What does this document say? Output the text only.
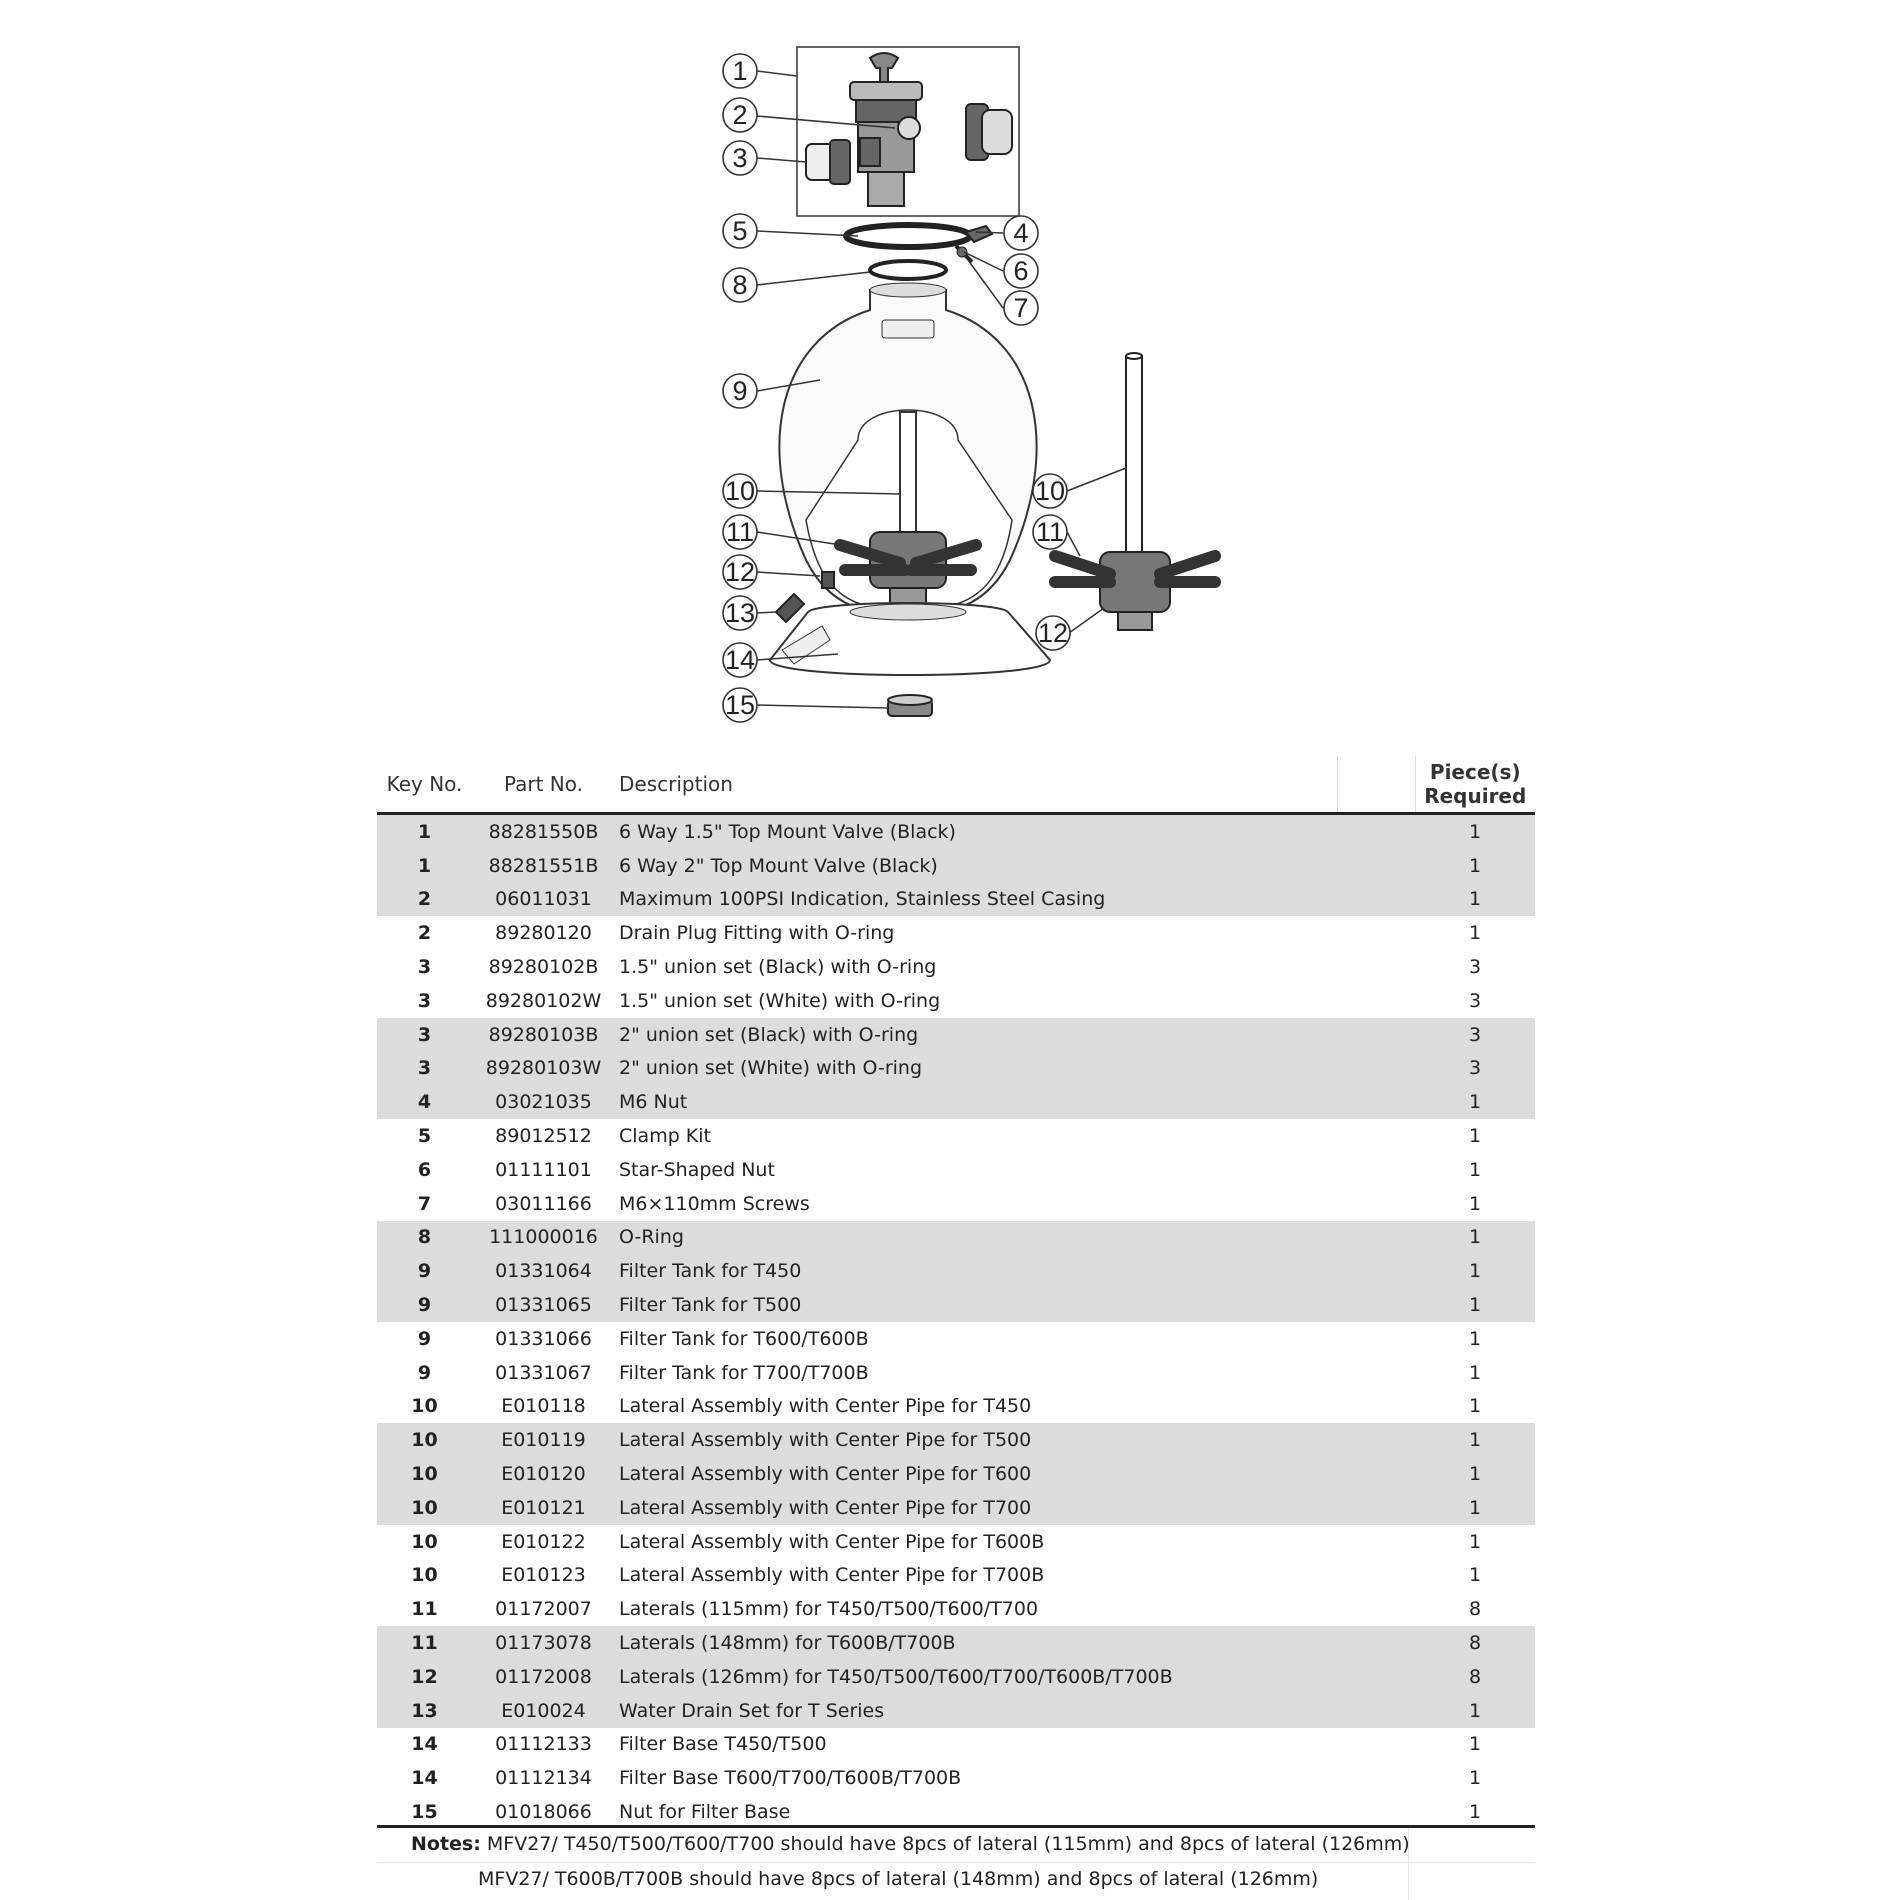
1
2
3
4
5
6
7
8
9
10
11
12
13
14
15
10
11
12
Key No.	Part No.	Description		Piece(s)
Required
1	88281550B	6 Way 1.5" Top Mount Valve (Black)		1
1	88281551B	6 Way 2" Top Mount Valve (Black)		1
2	06011031	Maximum 100PSI Indication, Stainless Steel Casing		1
2	89280120	Drain Plug Fitting with O-ring		1
3	89280102B	1.5" union set (Black) with O-ring		3
3	89280102W	1.5" union set (White) with O-ring		3
3	89280103B	2" union set (Black) with O-ring		3
3	89280103W	2" union set (White) with O-ring		3
4	03021035	M6 Nut		1
5	89012512	Clamp Kit		1
6	01111101	Star-Shaped Nut		1
7	03011166	M6×110mm Screws		1
8	111000016	O-Ring		1
9	01331064	Filter Tank for T450		1
9	01331065	Filter Tank for T500		1
9	01331066	Filter Tank for T600/T600B		1
9	01331067	Filter Tank for T700/T700B		1
10	E010118	Lateral Assembly with Center Pipe for T450		1
10	E010119	Lateral Assembly with Center Pipe for T500		1
10	E010120	Lateral Assembly with Center Pipe for T600		1
10	E010121	Lateral Assembly with Center Pipe for T700		1
10	E010122	Lateral Assembly with Center Pipe for T600B		1
10	E010123	Lateral Assembly with Center Pipe for T700B		1
11	01172007	Laterals (115mm) for T450/T500/T600/T700		8
11	01173078	Laterals (148mm) for T600B/T700B		8
12	01172008	Laterals (126mm) for T450/T500/T600/T700/T600B/T700B		8
13	E010024	Water Drain Set for T Series		1
14	01112133	Filter Base T450/T500		1
14	01112134	Filter Base T600/T700/T600B/T700B		1
15	01018066	Nut for Filter Base		1
Notes: MFV27/ T450/T500/T600/T700 should have 8pcs of lateral (115mm) and 8pcs of lateral (126mm)
MFV27/ T600B/T700B should have 8pcs of lateral (148mm) and 8pcs of lateral (126mm)
